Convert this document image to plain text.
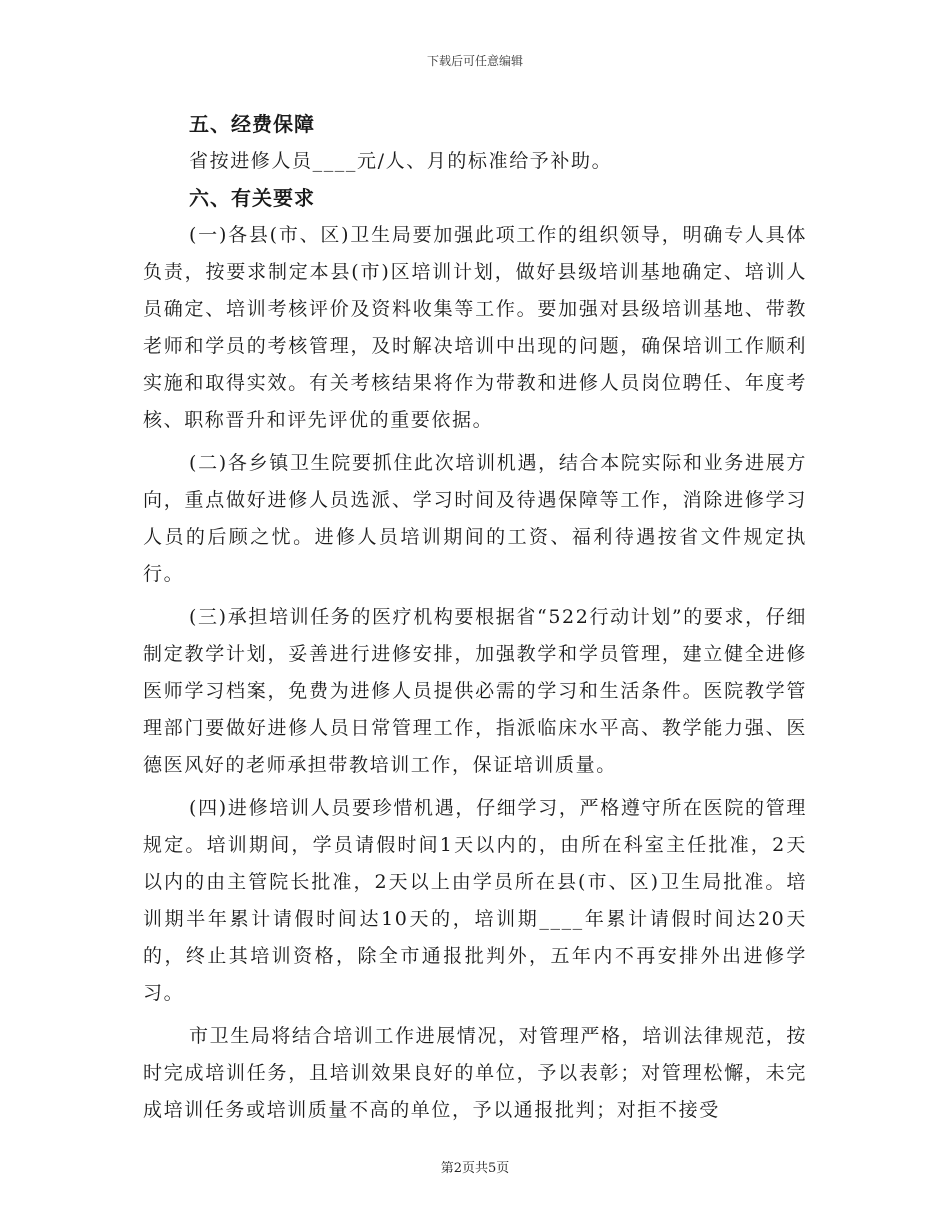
下载后可任意编辑
五、经费保障

省按进修人员____元/人、月的标准给予补助。

六、有关要求

(一)各县(市、区)卫生局要加强此项工作的组织领导，明确专人具体负责，按要求制定本县(市)区培训计划，做好县级培训基地确定、培训人员确定、培训考核评价及资料收集等工作。要加强对县级培训基地、带教老师和学员的考核管理，及时解决培训中出现的问题，确保培训工作顺利实施和取得实效。有关考核结果将作为带教和进修人员岗位聘任、年度考核、职称晋升和评先评优的重要依据。

(二)各乡镇卫生院要抓住此次培训机遇，结合本院实际和业务进展方向，重点做好进修人员选派、学习时间及待遇保障等工作，消除进修学习人员的后顾之忧。进修人员培训期间的工资、福利待遇按省文件规定执行。

(三)承担培训任务的医疗机构要根据省“522行动计划”的要求，仔细制定教学计划，妥善进行进修安排，加强教学和学员管理，建立健全进修医师学习档案，免费为进修人员提供必需的学习和生活条件。医院教学管理部门要做好进修人员日常管理工作，指派临床水平高、教学能力强、医德医风好的老师承担带教培训工作，保证培训质量。

(四)进修培训人员要珍惜机遇，仔细学习，严格遵守所在医院的管理规定。培训期间，学员请假时间1天以内的，由所在科室主任批准，2天以内的由主管院长批准，2天以上由学员所在县(市、区)卫生局批准。培训期半年累计请假时间达10天的，培训期____年累计请假时间达20天的，终止其培训资格，除全市通报批判外，五年内不再安排外出进修学习。

市卫生局将结合培训工作进展情况，对管理严格，培训法律规范，按时完成培训任务，且培训效果良好的单位，予以表彰；对管理松懈，未完成培训任务或培训质量不高的单位，予以通报批判；对拒不接受

第2页共5页
